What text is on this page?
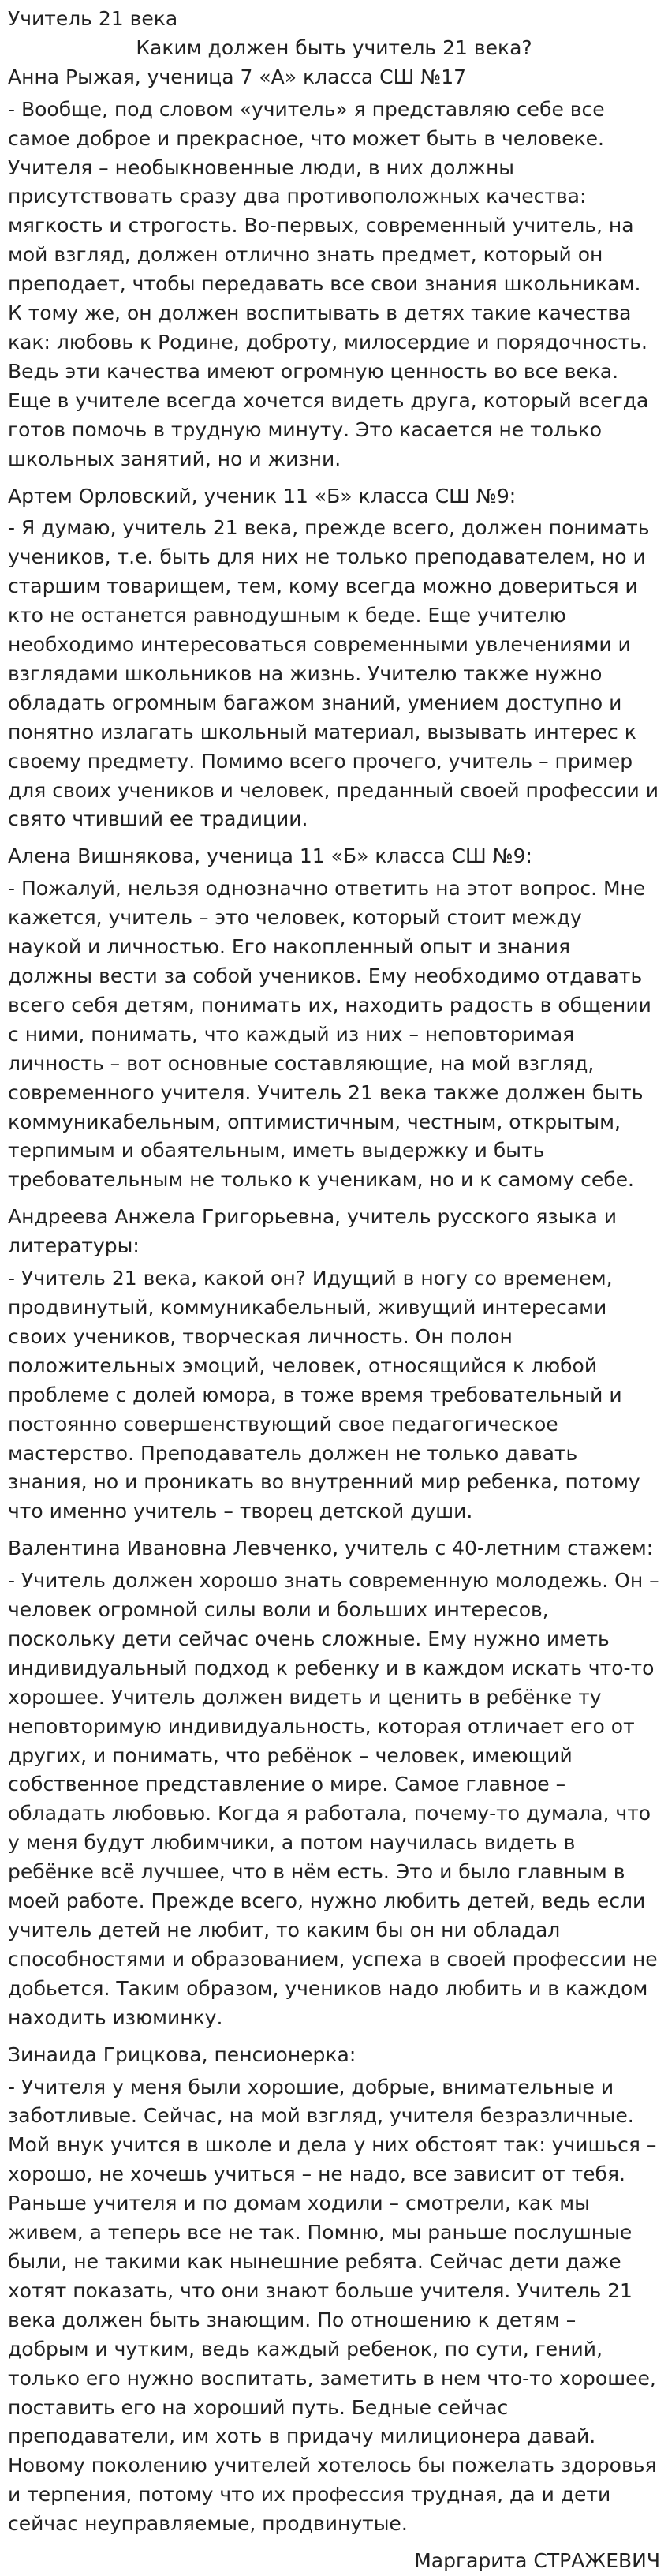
Учитель 21 века
Каким должен быть учитель 21 века?

Анна Рыжая, ученица 7 «А» класса СШ №17

- Вообще, под словом «учитель» я представляю себе все самое доброе и прекрасное, что может быть в человеке. Учителя – необыкновенные люди, в них должны присутствовать сразу два противоположных качества: мягкость и строгость. Во-первых, современный учитель, на мой взгляд, должен отлично знать предмет, который он преподает, чтобы передавать все свои знания школьникам. К тому же, он должен воспитывать в детях такие качества как: любовь к Родине, доброту, милосердие и порядочность. Ведь эти качества имеют огромную ценность во все века. Еще в учителе всегда хочется видеть друга, который всегда готов помочь в трудную минуту. Это касается не только школьных занятий, но и жизни.

Артем Орловский, ученик 11 «Б» класса СШ №9:

- Я думаю, учитель 21 века, прежде всего, должен понимать учеников, т.е. быть для них не только преподавателем, но и старшим товарищем, тем, кому всегда можно довериться и кто не останется равнодушным к беде. Еще учителю необходимо интересоваться современными увлечениями и взглядами школьников на жизнь. Учителю также нужно обладать огромным багажом знаний, умением доступно и понятно излагать школьный материал, вызывать интерес к своему предмету. Помимо всего прочего, учитель – пример для своих учеников и человек, преданный своей профессии и свято чтивший ее традиции.

Алена Вишнякова, ученица 11 «Б» класса СШ №9:

- Пожалуй, нельзя однозначно ответить на этот вопрос. Мне кажется, учитель – это человек, который стоит между наукой и личностью. Его накопленный опыт и знания должны вести за собой учеников. Ему необходимо отдавать всего себя детям, понимать их, находить радость в общении с ними, понимать, что каждый из них – неповторимая личность – вот основные составляющие, на мой взгляд, современного учителя. Учитель 21 века также должен быть коммуникабельным, оптимистичным, честным, открытым, терпимым и обаятельным, иметь выдержку и быть требовательным не только к ученикам, но и к самому себе.

Андреева Анжела Григорьевна, учитель русского языка и литературы:

- Учитель 21 века, какой он? Идущий в ногу со временем, продвинутый, коммуникабельный, живущий интересами своих учеников, творческая личность. Он полон положительных эмоций, человек, относящийся к любой проблеме с долей юмора, в тоже время требовательный и постоянно совершенствующий свое педагогическое мастерство. Преподаватель должен не только давать знания, но и проникать во внутренний мир ребенка, потому что именно учитель – творец детской души.

Валентина Ивановна Левченко, учитель с 40-летним стажем:

- Учитель должен хорошо знать современную молодежь. Он – человек огромной силы воли и больших интересов, поскольку дети сейчас очень сложные. Ему нужно иметь индивидуальный подход к ребенку и в каждом искать что-то хорошее. Учитель должен видеть и ценить в ребёнке ту неповторимую индивидуальность, которая отличает его от других, и понимать, что ребёнок – человек, имеющий собственное представление о мире. Самое главное – обладать любовью. Когда я работала, почему-то думала, что у меня будут любимчики, а потом научилась видеть в ребёнке всё лучшее, что в нём есть. Это и было главным в моей работе. Прежде всего, нужно любить детей, ведь если учитель детей не любит, то каким бы он ни обладал способностями и образованием, успеха в своей профессии не добьется. Таким образом, учеников надо любить и в каждом находить изюминку.

Зинаида Грицкова, пенсионерка:

- Учителя у меня были хорошие, добрые, внимательные и заботливые. Сейчас, на мой взгляд, учителя безразличные. Мой внук учится в школе и дела у них обстоят так: учишься – хорошо, не хочешь учиться – не надо, все зависит от тебя. Раньше учителя и по домам ходили – смотрели, как мы живем, а теперь все не так. Помню, мы раньше послушные были, не такими как нынешние ребята. Сейчас дети даже хотят показать, что они знают больше учителя. Учитель 21 века должен быть знающим. По отношению к детям – добрым и чутким, ведь каждый ребенок, по сути, гений, только его нужно воспитать, заметить в нем что-то хорошее, поставить его на хороший путь. Бедные сейчас преподаватели, им хоть в придачу милиционера давай. Новому поколению учителей хотелось бы пожелать здоровья и терпения, потому что их профессия трудная, да и дети сейчас неуправляемые, продвинутые.

Маргарита СТРАЖЕВИЧ
